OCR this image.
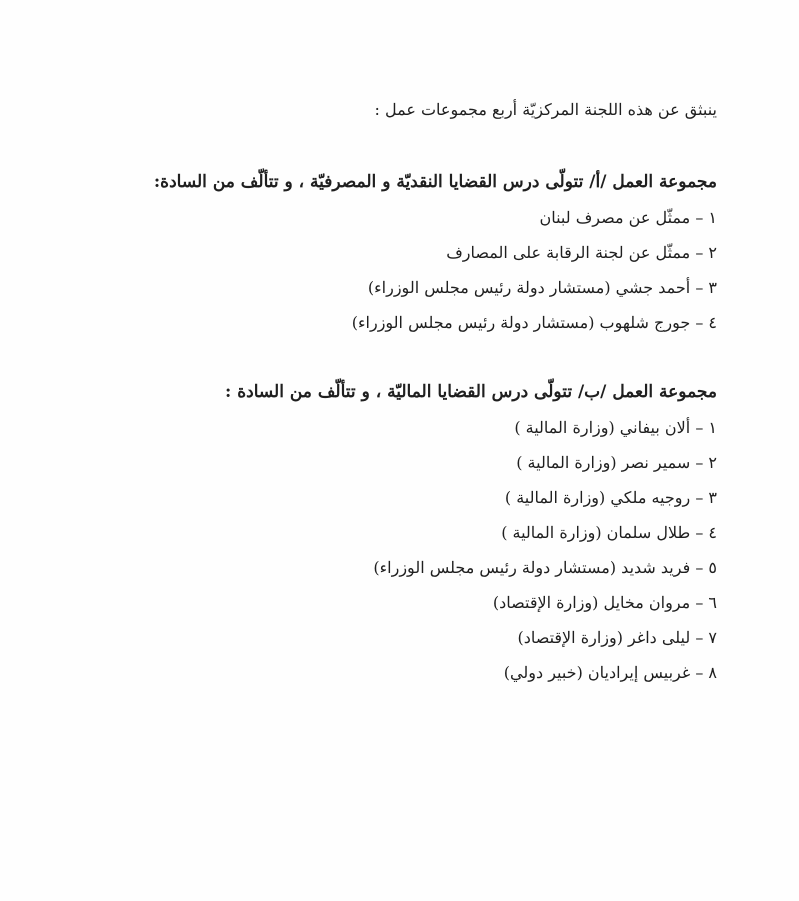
ينبثق عن هذه اللجنة المركزيّة أربع مجموعات عمل :

مجموعة العمل /أ/ تتولّى درس القضايا النقديّة و المصرفيّة ، و تتألّف من السادة:

١ – ممثّل عن مصرف لبنان
٢ – ممثّل عن لجنة الرقابة على المصارف
٣ – أحمد جشي (مستشار دولة رئيس مجلس الوزراء)
٤ – جورج شلهوب (مستشار دولة رئيس مجلس الوزراء)

مجموعة العمل /ب/ تتولّى درس القضايا الماليّة ، و تتألّف من السادة :

١ – ألان بيفاني (وزارة المالية )
٢ – سمير نصر (وزارة المالية )
٣ – روجيه ملكي (وزارة المالية )
٤ – طلال سلمان (وزارة المالية )
٥ – فريد شديد (مستشار دولة رئيس مجلس الوزراء)
٦ – مروان مخايل (وزارة الإقتصاد)
٧ – ليلى داغر (وزارة الإقتصاد)
٨ – غربيس إيراديان (خبير دولي)
